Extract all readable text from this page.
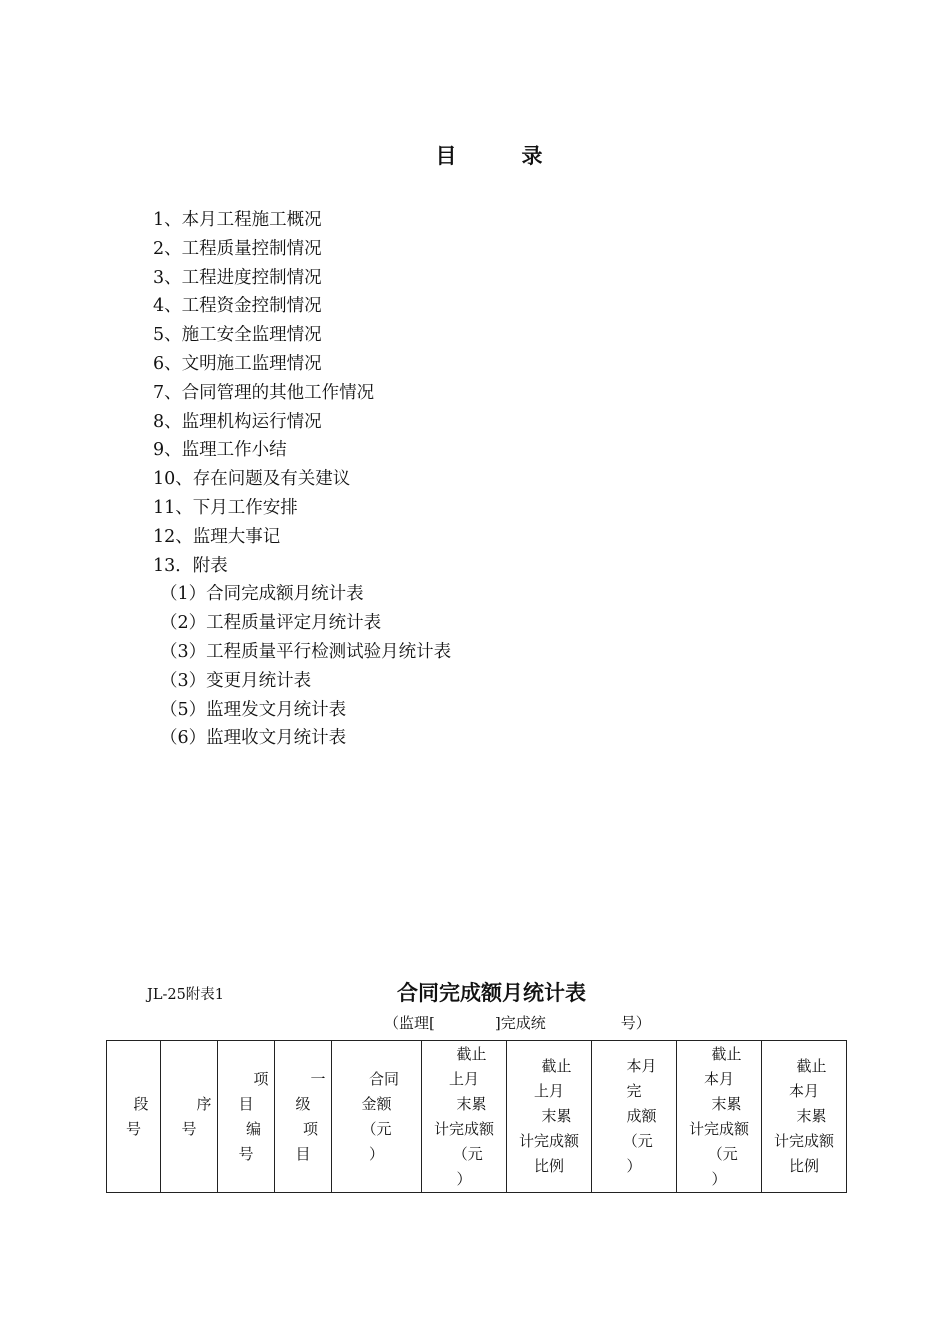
目　录
1、本月工程施工概况
2、工程质量控制情况
3、工程进度控制情况
4、工程资金控制情况
5、施工安全监理情况
6、文明施工监理情况
7、合同管理的其他工作情况
8、监理机构运行情况
9、监理工作小结
10、存在问题及有关建议
11、下月工作安排
12、监理大事记
13．附表
（1）合同完成额月统计表
（2）工程质量评定月统计表
（3）工程质量平行检测试验月统计表
（3）变更月统计表
（5）监理发文月统计表
（6）监理收文月统计表
JL-25附表1	合同完成额月统计表
（监理[　　　　]完成统　　　　　号）
　段
号

　　序
号

　　项
目
　编
号

　　一
级
　项
目

　合同
金额
（元
）

　截止
上月
　末累
计完成额
　（元
）

　截止
上月
　末累
计完成额
比例

　本月
完
　成额
　（元
）

　截止
本月
　末累
计完成额
　（元
）

　截止
本月
　末累
计完成额
比例
